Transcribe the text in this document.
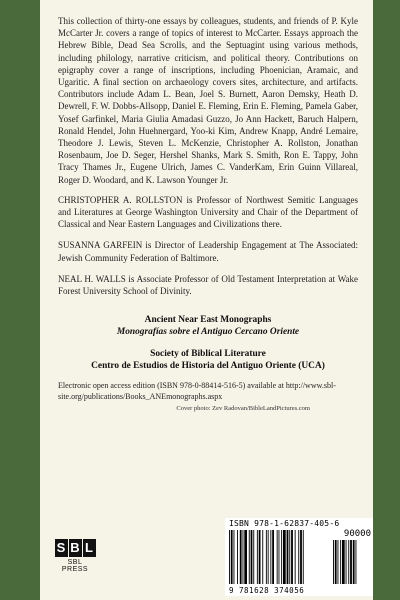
This collection of thirty-one essays by colleagues, students, and friends of P. Kyle McCarter Jr. covers a range of topics of interest to McCarter. Essays approach the Hebrew Bible, Dead Sea Scrolls, and the Septuagint using various methods, including philology, narrative criticism, and political theory. Contributions on epigraphy cover a range of inscriptions, including Phoenician, Aramaic, and Ugaritic. A final section on archaeology covers sites, architecture, and artifacts. Contributors include Adam L. Bean, Joel S. Burnett, Aaron Demsky, Heath D. Dewrell, F. W. Dobbs-Allsopp, Daniel E. Fleming, Erin E. Fleming, Pamela Gaber, Yosef Garfinkel, Maria Giulia Amadasi Guzzo, Jo Ann Hackett, Baruch Halpern, Ronald Hendel, John Huehnergard, Yoo-ki Kim, Andrew Knapp, André Lemaire, Theodore J. Lewis, Steven L. McKenzie, Christopher A. Rollston, Jonathan Rosenbaum, Joe D. Seger, Hershel Shanks, Mark S. Smith, Ron E. Tappy, John Tracy Thames Jr., Eugene Ulrich, James C. VanderKam, Erin Guinn Villareal, Roger D. Woodard, and K. Lawson Younger Jr.

CHRISTOPHER A. ROLLSTON is Professor of Northwest Semitic Languages and Literatures at George Washington University and Chair of the Department of Classical and Near Eastern Languages and Civilizations there.

SUSANNA GARFEIN is Director of Leadership Engagement at The Associated: Jewish Community Federation of Baltimore.

NEAL H. WALLS is Associate Professor of Old Testament Interpretation at Wake Forest University School of Divinity.

Ancient Near East Monographs
Monografías sobre el Antiguo Cercano Oriente
Society of Biblical Literature
Centro de Estudios de Historia del Antiguo Oriente (UCA)
Electronic open access edition (ISBN 978-0-88414-516-5) available at http://www.sbl-site.org/publications/Books_ANEmonographs.aspx
Cover photo: Zev Radovan/BibleLandPictures.com
S B L
SBL PRESS
ISBN 978-1-62837-405-6
90000
9 781628 374056
